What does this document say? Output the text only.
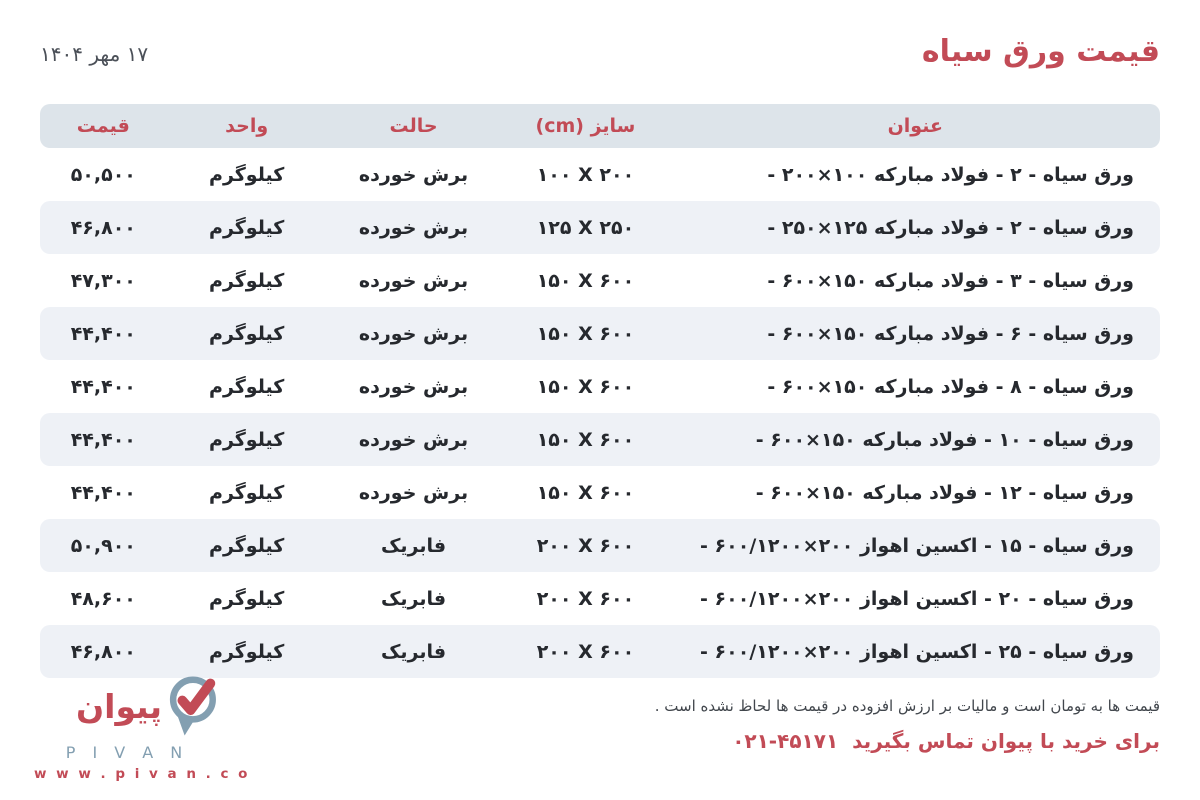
قیمت ورق سیاه
۱۷ مهر ۱۴۰۴
عنوان
سایز (cm)
حالت
واحد
قیمت
ورق سیاه - ۲ - فولاد مبارکه ۱۰۰×۲۰۰ -
۱۰۰ X ۲۰۰
برش خورده
کیلوگرم
۵۰,۵۰۰
ورق سیاه - ۲ - فولاد مبارکه ۱۲۵×۲۵۰ -
۱۲۵ X ۲۵۰
برش خورده
کیلوگرم
۴۶,۸۰۰
ورق سیاه - ۳ - فولاد مبارکه ۱۵۰×۶۰۰ -
۱۵۰ X ۶۰۰
برش خورده
کیلوگرم
۴۷,۳۰۰
ورق سیاه - ۶ - فولاد مبارکه ۱۵۰×۶۰۰ -
۱۵۰ X ۶۰۰
برش خورده
کیلوگرم
۴۴,۴۰۰
ورق سیاه - ۸ - فولاد مبارکه ۱۵۰×۶۰۰ -
۱۵۰ X ۶۰۰
برش خورده
کیلوگرم
۴۴,۴۰۰
ورق سیاه - ۱۰ - فولاد مبارکه ۱۵۰×۶۰۰ -
۱۵۰ X ۶۰۰
برش خورده
کیلوگرم
۴۴,۴۰۰
ورق سیاه - ۱۲ - فولاد مبارکه ۱۵۰×۶۰۰ -
۱۵۰ X ۶۰۰
برش خورده
کیلوگرم
۴۴,۴۰۰
ورق سیاه - ۱۵ - اکسین اهواز ۲۰۰×۶۰۰/۱۲۰۰ -
۲۰۰ X ۶۰۰
فابریک
کیلوگرم
۵۰,۹۰۰
ورق سیاه - ۲۰ - اکسین اهواز ۲۰۰×۶۰۰/۱۲۰۰ -
۲۰۰ X ۶۰۰
فابریک
کیلوگرم
۴۸,۶۰۰
ورق سیاه - ۲۵ - اکسین اهواز ۲۰۰×۶۰۰/۱۲۰۰ -
۲۰۰ X ۶۰۰
فابریک
کیلوگرم
۴۶,۸۰۰

قیمت ها به تومان است و مالیات بر ارزش افزوده در قیمت ها لحاظ نشده است .

برای خرید با پیوان تماس بگیرید ۰۲۱-۴۵۱۷۱

پیوان
P I V A N
w w w . p i v a n . c o
